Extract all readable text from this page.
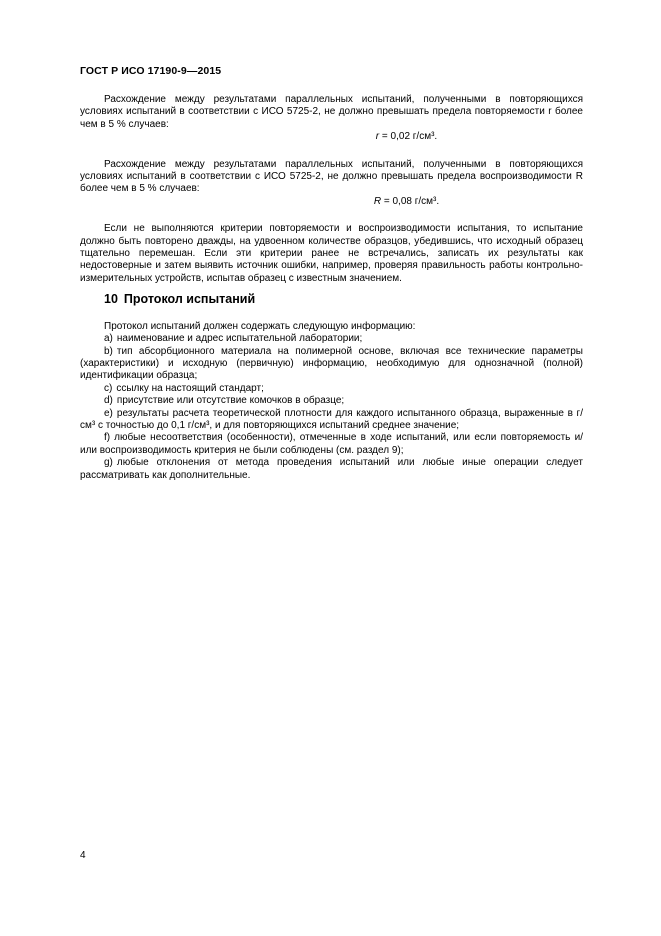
ГОСТ Р ИСО 17190-9—2015

Расхождение между результатами параллельных испытаний, полученными в повторяющихся условиях испытаний в соответствии с ИСО 5725-2, не должно превышать предела повторяемости r более чем в 5 % случаев:

r = 0,02 г/см³.

Расхождение между результатами параллельных испытаний, полученными в повторяющихся условиях испытаний в соответствии с ИСО 5725-2, не должно превышать предела воспроизводимости R более чем в 5 % случаев:

R = 0,08 г/см³.

Если не выполняются критерии повторяемости и воспроизводимости испытания, то испытание должно быть повторено дважды, на удвоенном количестве образцов, убедившись, что исходный образец тщательно перемешан. Если эти критерии ранее не встречались, записать их результаты как недостоверные и затем выявить источник ошибки, например, проверяя правильность работы контрольно-измерительных устройств, испытав образец с известным значением.

10 Протокол испытаний

Протокол испытаний должен содержать следующую информацию:

a) наименование и адрес испытательной лаборатории;

b) тип абсорбционного материала на полимерной основе, включая все технические параметры (характеристики) и исходную (первичную) информацию, необходимую для однозначной (полной) идентификации образца;

c) ссылку на настоящий стандарт;

d) присутствие или отсутствие комочков в образце;

e) результаты расчета теоретической плотности для каждого испытанного образца, выраженные в г/см³ с точностью до 0,1 г/см³, и для повторяющихся испытаний среднее значение;

f) любые несоответствия (особенности), отмеченные в ходе испытаний, или если повторяемость и/или воспроизводимость критерия не были соблюдены (см. раздел 9);

g) любые отклонения от метода проведения испытаний или любые иные операции следует рассматривать как дополнительные.

4
